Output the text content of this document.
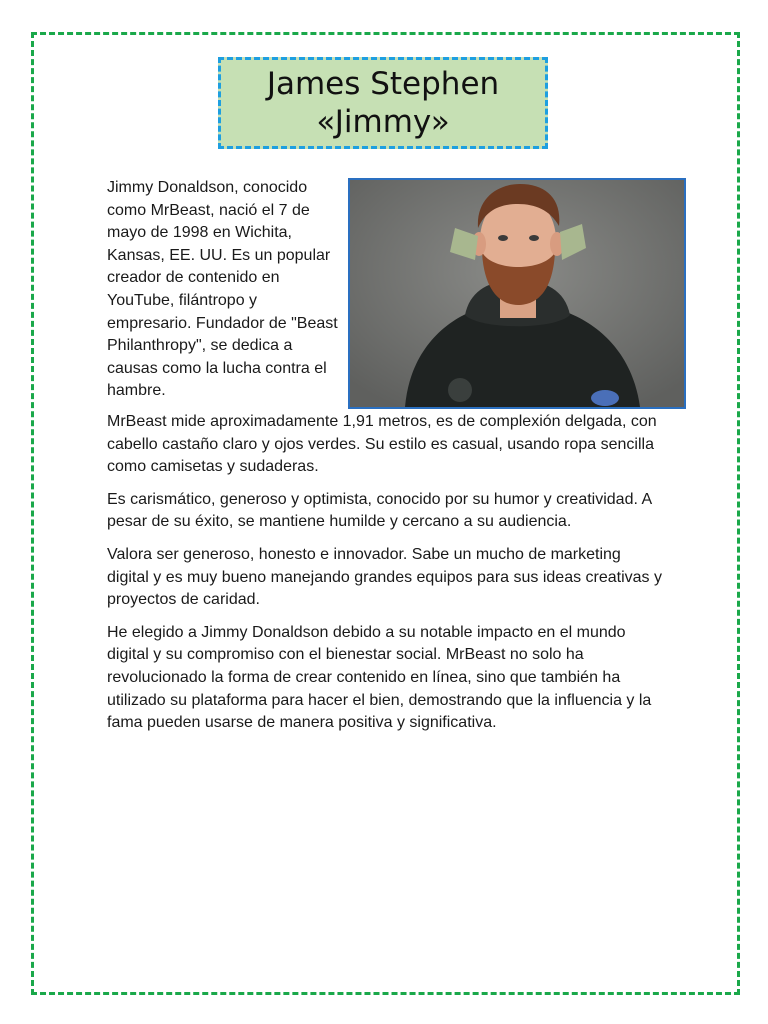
James Stephen
«Jimmy»

Jimmy Donaldson, conocido como MrBeast, nació el 7 de mayo de 1998 en Wichita, Kansas, EE. UU. Es un popular creador de contenido en YouTube, filántropo y empresario. Fundador de "Beast Philanthropy", se dedica a causas como la lucha contra el hambre.

MrBeast mide aproximadamente 1,91 metros, es de complexión delgada, con cabello castaño claro y ojos verdes. Su estilo es casual, usando ropa sencilla como camisetas y sudaderas.

Es carismático, generoso y optimista, conocido por su humor y creatividad. A pesar de su éxito, se mantiene humilde y cercano a su audiencia.

Valora ser generoso, honesto e innovador. Sabe un mucho de marketing digital y es muy bueno manejando grandes equipos para sus ideas creativas y proyectos de caridad.

He elegido a Jimmy Donaldson debido a su notable impacto en el mundo digital y su compromiso con el bienestar social. MrBeast no solo ha revolucionado la forma de crear contenido en línea, sino que también ha utilizado su plataforma para hacer el bien, demostrando que la influencia y la fama pueden usarse de manera positiva y significativa.
